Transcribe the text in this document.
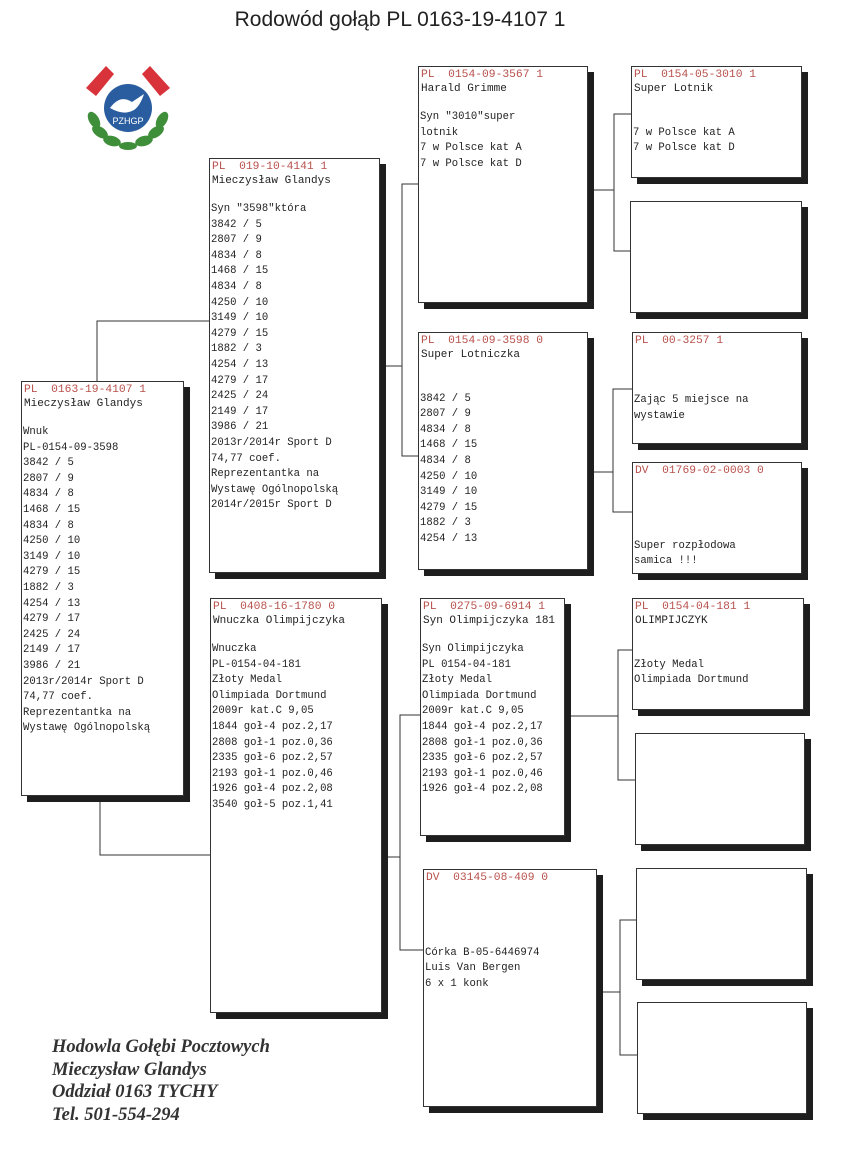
Rodowód gołąb PL 0163-19-4107 1
PZHGP
PL  0163-19-4107 1
Mieczysław Glandys
Wnuk
PL-0154-09-3598
3842 / 5
2807 / 9
4834 / 8
1468 / 15
4834 / 8
4250 / 10
3149 / 10
4279 / 15
1882 / 3
4254 / 13
4279 / 17
2425 / 24
2149 / 17
3986 / 21
2013r/2014r Sport D
74,77 coef.
Reprezentantka na
Wystawę Ogólnopolską
PL  019-10-4141 1
Mieczysław Glandys
Syn "3598"która
3842 / 5
2807 / 9
4834 / 8
1468 / 15
4834 / 8
4250 / 10
3149 / 10
4279 / 15
1882 / 3
4254 / 13
4279 / 17
2425 / 24
2149 / 17
3986 / 21
2013r/2014r Sport D
74,77 coef.
Reprezentantka na
Wystawę Ogólnopolską
2014r/2015r Sport D
PL  0408-16-1780 0
Wnuczka Olimpijczyka
Wnuczka
PL-0154-04-181
Złoty Medal
Olimpiada Dortmund
2009r kat.C 9,05
1844 goł-4 poz.2,17
2808 goł-1 poz.0,36
2335 goł-6 poz.2,57
2193 goł-1 poz.0,46
1926 goł-4 poz.2,08
3540 goł-5 poz.1,41
PL  0154-09-3567 1
Harald Grimme
Syn "3010"super
lotnik
7 w Polsce kat A
7 w Polsce kat D
PL  0154-09-3598 0
Super Lotniczka

3842 / 5
2807 / 9
4834 / 8
1468 / 15
4834 / 8
4250 / 10
3149 / 10
4279 / 15
1882 / 3
4254 / 13
PL  0275-09-6914 1
Syn Olimpijczyka 181
Syn Olimpijczyka
PL 0154-04-181
Złoty Medal
Olimpiada Dortmund
2009r kat.C 9,05
1844 goł-4 poz.2,17
2808 goł-1 poz.0,36
2335 goł-6 poz.2,57
2193 goł-1 poz.0,46
1926 goł-4 poz.2,08
DV  03145-08-409 0

Córka B-05-6446974
Luis Van Bergen
6 x 1 konk
PL  0154-05-3010 1
Super Lotnik

7 w Polsce kat A
7 w Polsce kat D
PL  00-3257 1

Zając 5 miejsce na
wystawie
DV  01769-02-0003 0

Super rozpłodowa
samica !!!
PL  0154-04-181 1
OLIMPIJCZYK

Złoty Medal
Olimpiada Dortmund
Hodowla Gołębi Pocztowych
Mieczysław Glandys
Oddział 0163 TYCHY
Tel. 501-554-294
